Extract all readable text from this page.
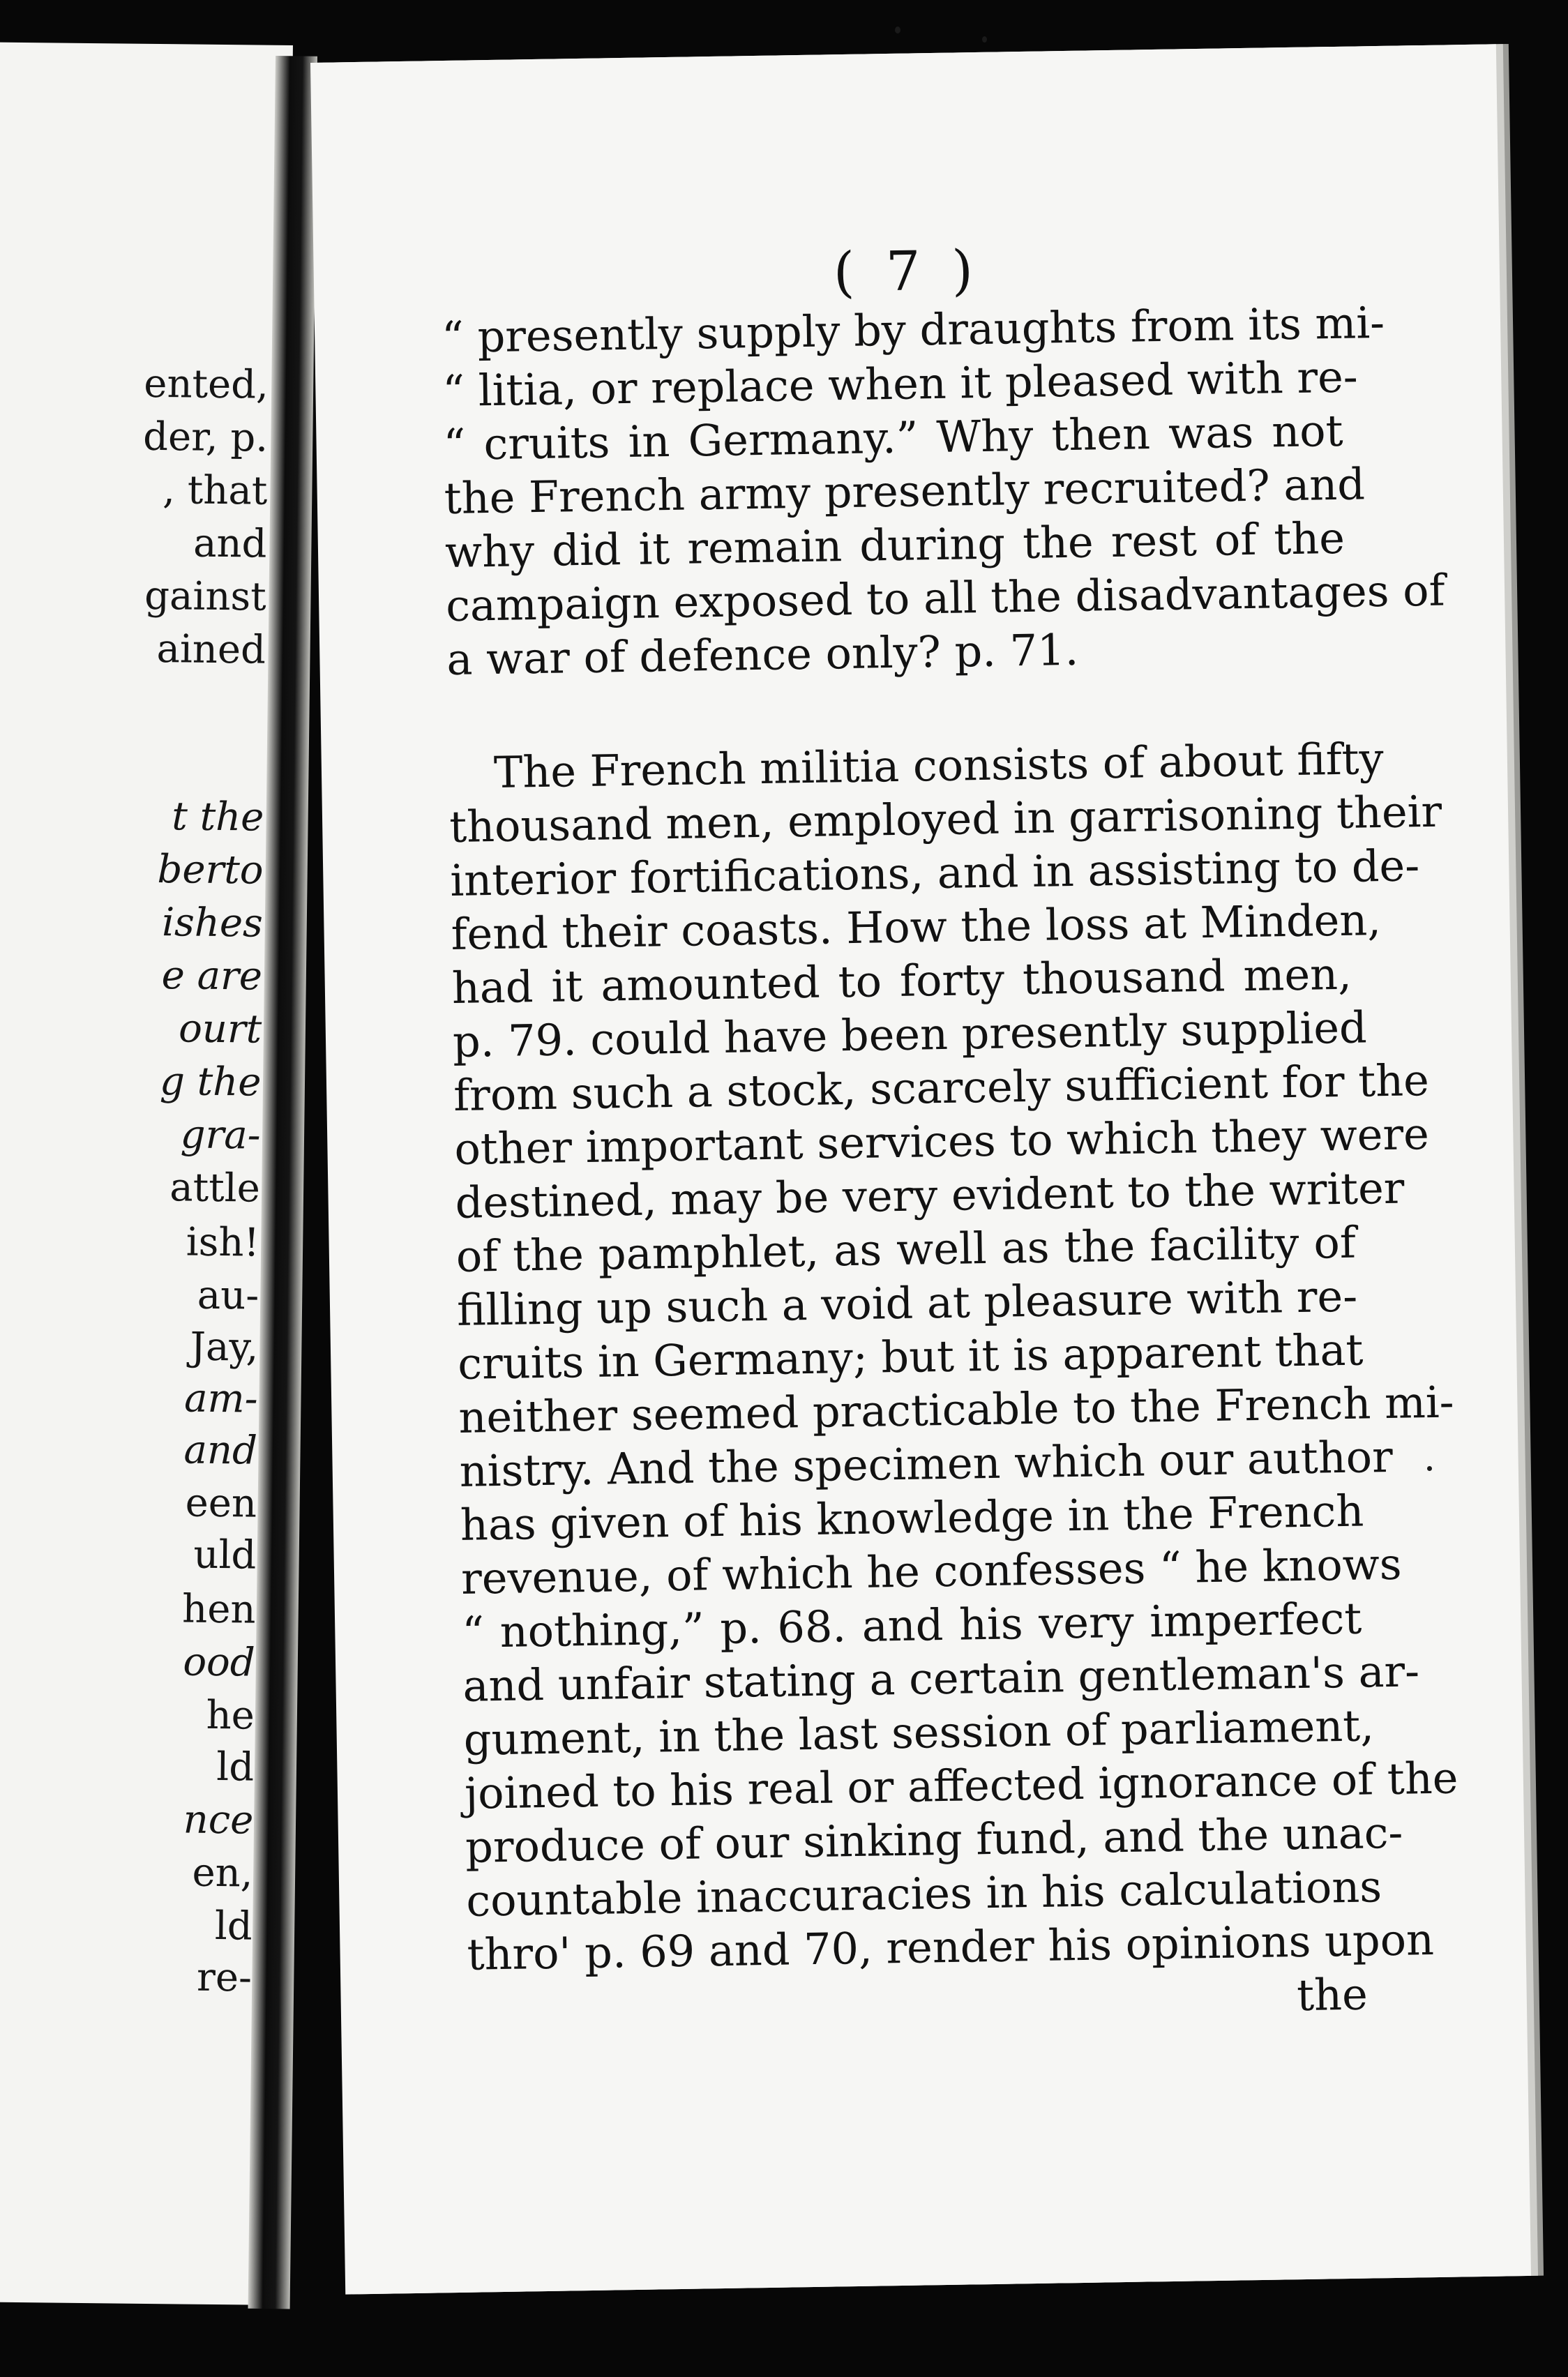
ented,
der, p.
, that
and
gainst
ained
t the
berto
ishes
e are
ourt
g the
gra-
attle
ish!
au-
Jay,
am-
and
een
uld
hen
ood
he
ld
nce
en,
ld
re-
( 7 )
“ presently supply by draughts from its mi-
“ litia, or replace when it pleased with re-
“ cruits in Germany.” Why then was not
the French army presently recruited? and
why did it remain during the rest of the
campaign exposed to all the disadvantages of
a war of defence only? p. 71.
The French militia consists of about fifty
thousand men, employed in garrisoning their
interior fortifications, and in assisting to de-
fend their coasts. How the loss at Minden,
had it amounted to forty thousand men,
p. 79. could have been presently supplied
from such a stock, scarcely sufficient for the
other important services to which they were
destined, may be very evident to the writer
of the pamphlet, as well as the facility of
filling up such a void at pleasure with re-
cruits in Germany; but it is apparent that
neither seemed practicable to the French mi-
nistry. And the specimen which our author
has given of his knowledge in the French
revenue, of which he confesses “ he knows
“ nothing,” p. 68. and his very imperfect
and unfair stating a certain gentleman's ar-
gument, in the last session of parliament,
joined to his real or affected ignorance of the
produce of our sinking fund, and the unac-
countable inaccuracies in his calculations
thro' p. 69 and 70, render his opinions upon
the
